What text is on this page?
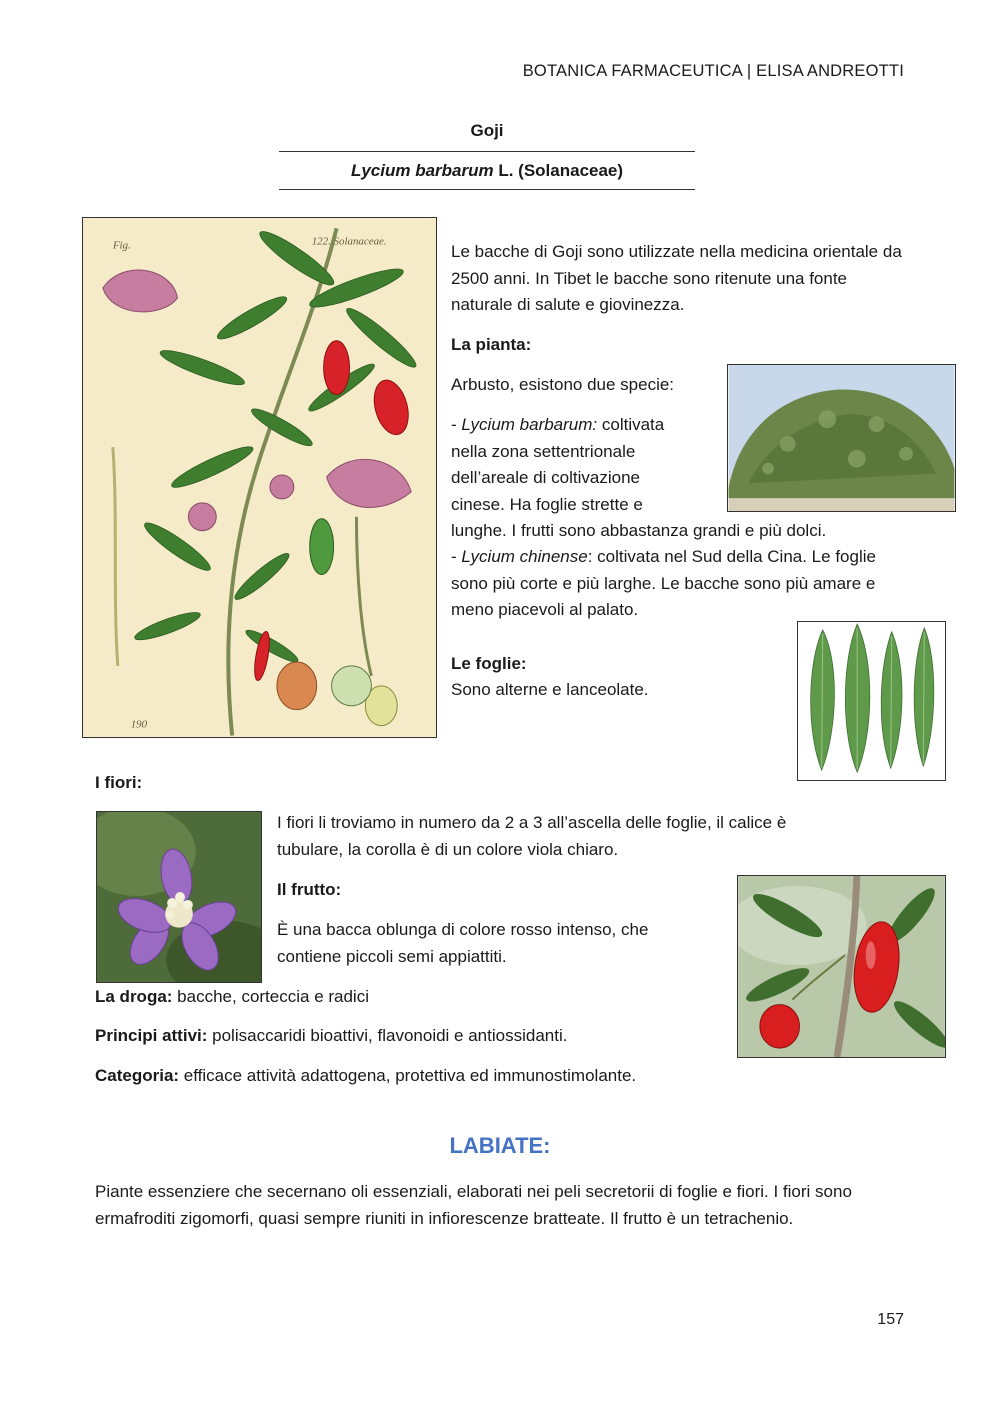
BOTANICA FARMACEUTICA | ELISA ANDREOTTI
Goji
Lycium barbarum L. (Solanaceae)
Fig.	122. Solanaceae.
190
Le bacche di Goji sono utilizzate nella medicina orientale da 2500 anni. In Tibet le bacche sono ritenute una fonte naturale di salute e giovinezza.
La pianta:
Arbusto, esistono due specie:
- Lycium barbarum: coltivata
nella zona settentrionale
dell’areale di coltivazione
cinese. Ha foglie strette e
lunghe. I frutti sono abbastanza grandi e più dolci.
- Lycium chinense: coltivata nel Sud della Cina. Le foglie sono più corte e più larghe. Le bacche sono più amare e meno piacevoli al palato.
Le foglie:
Sono alterne e lanceolate.
I fiori:
I fiori li troviamo in numero da 2 a 3 all’ascella delle foglie, il calice è tubulare, la corolla è di un colore viola chiaro.
Il frutto:
È una bacca oblunga di colore rosso intenso, che contiene piccoli semi appiattiti.
La droga: bacche, corteccia e radici
Principi attivi: polisaccaridi bioattivi, flavonoidi e antiossidanti.
Categoria: efficace attività adattogena, protettiva ed immunostimolante.
LABIATE:
Piante essenziere che secernano oli essenziali, elaborati nei peli secretorii di foglie e fiori. I fiori sono ermafroditi zigomorfi, quasi sempre riuniti in infiorescenze bratteate. Il frutto è un tetrachenio.
157
